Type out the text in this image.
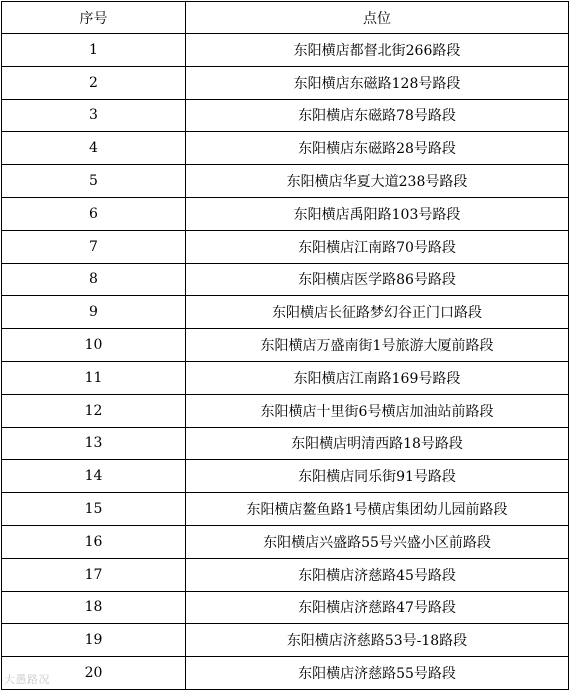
序号	点位
1	东阳横店都督北街266路段
2	东阳横店东磁路128号路段
3	东阳横店东磁路78号路段
4	东阳横店东磁路28号路段
5	东阳横店华夏大道238号路段
6	东阳横店禹阳路103号路段
7	东阳横店江南路70号路段
8	东阳横店医学路86号路段
9	东阳横店长征路梦幻谷正门口路段
10	东阳横店万盛南街1号旅游大厦前路段
11	东阳横店江南路169号路段
12	东阳横店十里街6号横店加油站前路段
13	东阳横店明清西路18号路段
14	东阳横店同乐街91号路段
15	东阳横店鳌鱼路1号横店集团幼儿园前路段
16	东阳横店兴盛路55号兴盛小区前路段
17	东阳横店济慈路45号路段
18	东阳横店济慈路47号路段
19	东阳横店济慈路53号-18路段
20	东阳横店济慈路55号路段
大愚路况
